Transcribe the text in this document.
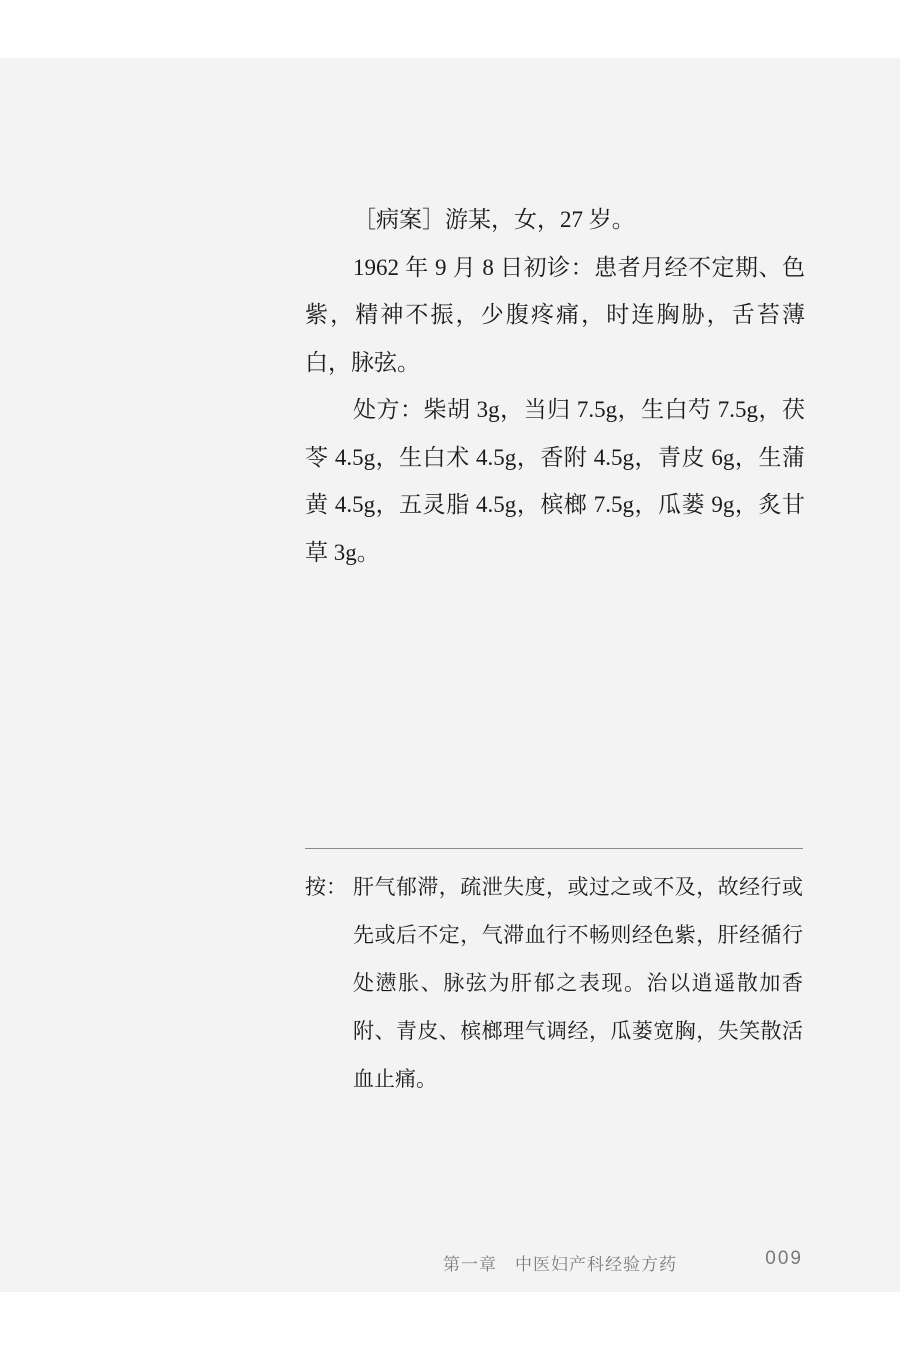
［病案］游某，女，27 岁。

1962 年 9 月 8 日初诊：患者月经不定期、色紫，精神不振，少腹疼痛，时连胸胁，舌苔薄白，脉弦。

处方：柴胡 3g，当归 7.5g，生白芍 7.5g，茯苓 4.5g，生白术 4.5g，香附 4.5g，青皮 6g，生蒲黄 4.5g，五灵脂 4.5g，槟榔 7.5g，瓜蒌 9g，炙甘草 3g。

按： 肝气郁滞，疏泄失度，或过之或不及，故经行或先或后不定，气滞血行不畅则经色紫，肝经循行处懑胀、脉弦为肝郁之表现。治以逍遥散加香附、青皮、槟榔理气调经，瓜蒌宽胸，失笑散活血止痛。

第一章　中医妇产科经验方药	009
